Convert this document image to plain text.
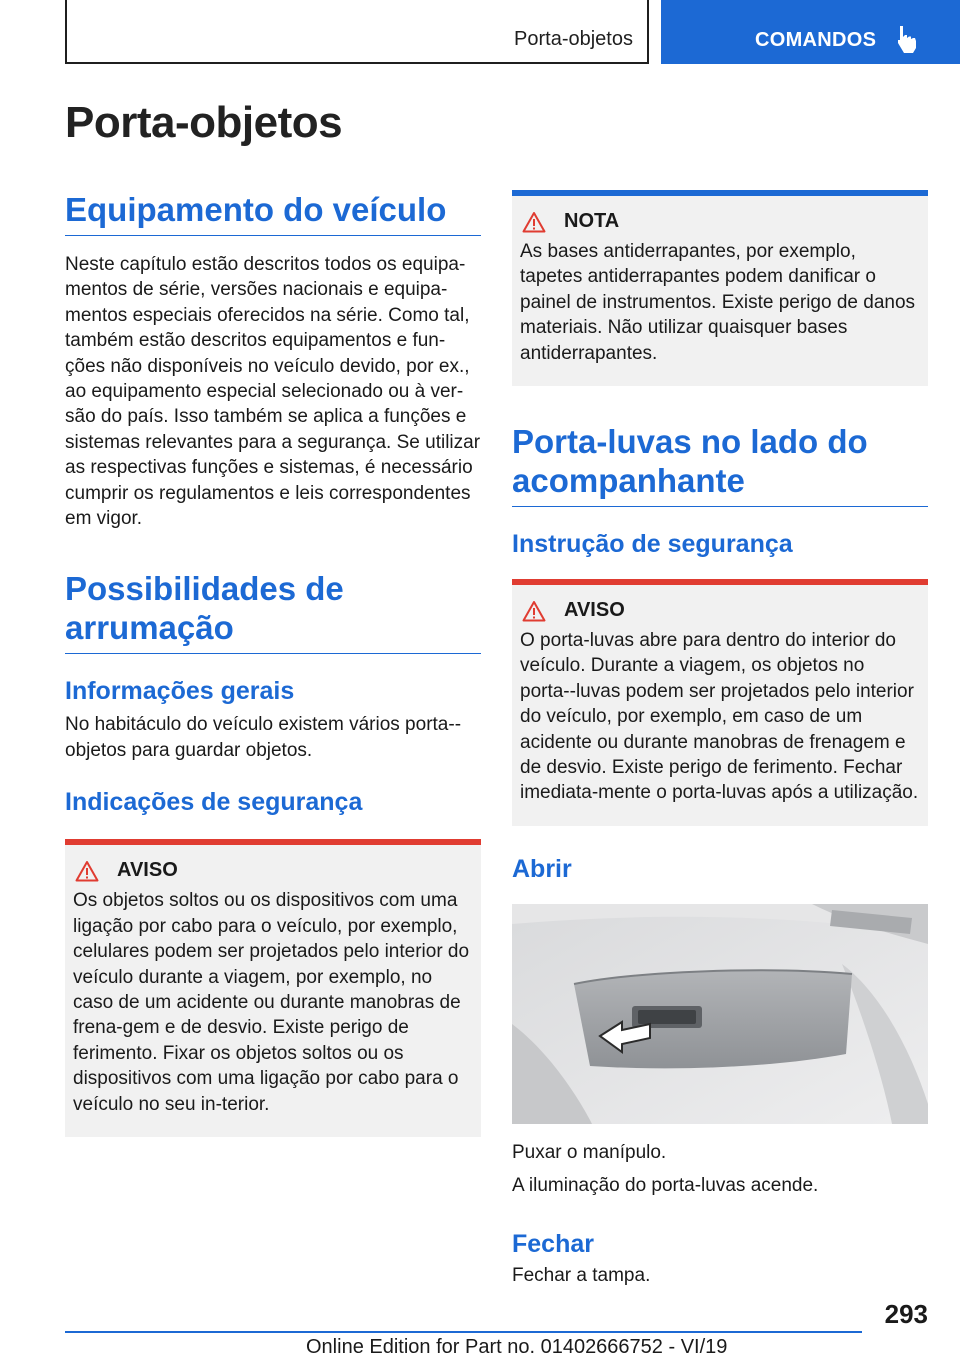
Porta-objetos	COMANDOS
Porta-objetos
Equipamento do veículo

Neste capítulo estão descritos todos os equipa‐mentos de série, versões nacionais e equipa‐mentos especiais oferecidos na série. Como tal, também estão descritos equipamentos e fun‐ções não disponíveis no veículo devido, por ex., ao equipamento especial selecionado ou à ver‐são do país. Isso também se aplica a funções e sistemas relevantes para a segurança. Se utilizar as respectivas funções e sistemas, é necessário cumprir os regulamentos e leis correspondentes em vigor.

Possibilidades de arrumação
Informações gerais

No habitáculo do veículo existem vários porta‐-objetos para guardar objetos.

Indicações de segurança
AVISO

Os objetos soltos ou os dispositivos com uma ligação por cabo para o veículo, por exemplo, celulares podem ser projetados pelo interior do veículo durante a viagem, por exemplo, no caso de um acidente ou durante manobras de frena‐gem e de desvio. Existe perigo de ferimento. Fixar os objetos soltos ou os dispositivos com uma ligação por cabo para o veículo no seu in‐terior.

NOTA

As bases antiderrapantes, por exemplo, tapetes antiderrapantes podem danificar o painel de instrumentos. Existe perigo de danos materiais. Não utilizar quaisquer bases antiderrapantes.

Porta-luvas no lado do acompanhante
Instrução de segurança
AVISO

O porta-luvas abre para dentro do interior do veículo. Durante a viagem, os objetos no porta‐-luvas podem ser projetados pelo interior do veículo, por exemplo, em caso de um acidente ou durante manobras de frenagem e de desvio. Existe perigo de ferimento. Fechar imediata‐mente o porta-luvas após a utilização.

Abrir

Puxar o manípulo.

A iluminação do porta-luvas acende.

Fechar

Fechar a tampa.

293
Online Edition for Part no. 01402666752 - VI/19
